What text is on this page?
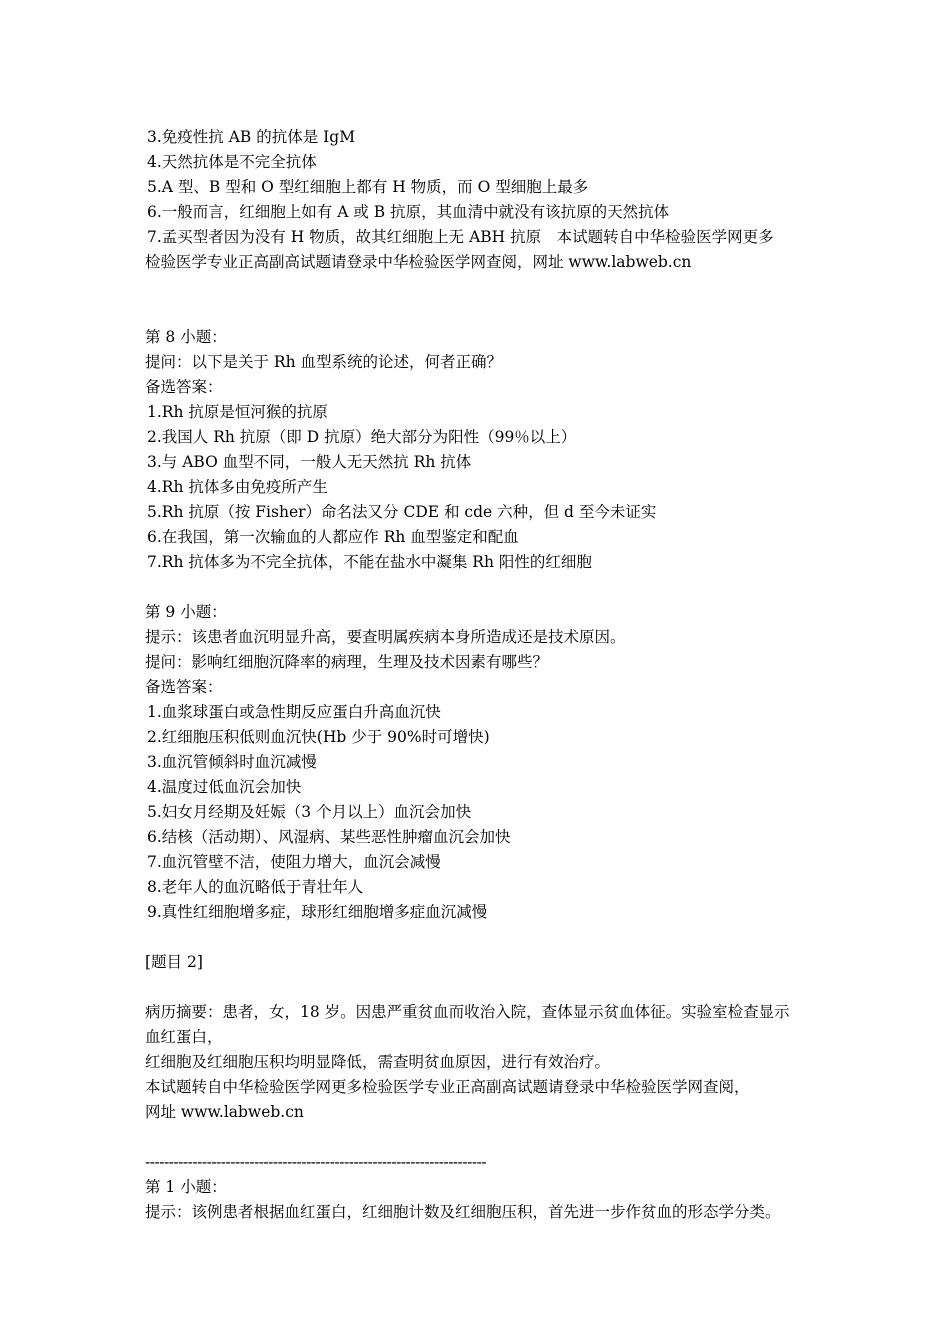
3.免疫性抗 AB 的抗体是 IgM
4.天然抗体是不完全抗体
5.A 型、B 型和 O 型红细胞上都有 H 物质，而 O 型细胞上最多
6.一般而言，红细胞上如有 A 或 B 抗原，其血清中就没有该抗原的天然抗体
7.孟买型者因为没有 H 物质，故其红细胞上无 ABH 抗原　本试题转自中华检验医学网更多
检验医学专业正高副高试题请登录中华检验医学网查阅，网址 www.labweb.cn
第 8 小题：
提问：以下是关于 Rh 血型系统的论述，何者正确？
备选答案：
1.Rh 抗原是恒河猴的抗原
2.我国人 Rh 抗原（即 D 抗原）绝大部分为阳性（99％以上）
3.与 ABO 血型不同，一般人无天然抗 Rh 抗体
4.Rh 抗体多由免疫所产生
5.Rh 抗原（按 Fisher）命名法又分 CDE 和 cde 六种，但 d 至今未证实
6.在我国，第一次输血的人都应作 Rh 血型鉴定和配血
7.Rh 抗体多为不完全抗体，不能在盐水中凝集 Rh 阳性的红细胞
第 9 小题：
提示：该患者血沉明显升高，要查明属疾病本身所造成还是技术原因。
提问：影响红细胞沉降率的病理，生理及技术因素有哪些？
备选答案：
1.血浆球蛋白或急性期反应蛋白升高血沉快
2.红细胞压积低则血沉快(Hb 少于 90%时可增快)
3.血沉管倾斜时血沉减慢
4.温度过低血沉会加快
5.妇女月经期及妊娠（3 个月以上）血沉会加快
6.结核（活动期）、风湿病、某些恶性肿瘤血沉会加快
7.血沉管壁不洁，使阻力增大，血沉会减慢
8.老年人的血沉略低于青壮年人
9.真性红细胞增多症，球形红细胞增多症血沉减慢
[题目 2]
病历摘要：患者，女，18 岁。因患严重贫血而收治入院，查体显示贫血体征。实验室检查显示
血红蛋白，
红细胞及红细胞压积均明显降低，需查明贫血原因，进行有效治疗。
本试题转自中华检验医学网更多检验医学专业正高副高试题请登录中华检验医学网查阅，
网址 www.labweb.cn
------------------------------------------------------------------------
第 1 小题：
提示：该例患者根据血红蛋白，红细胞计数及红细胞压积，首先进一步作贫血的形态学分类。
